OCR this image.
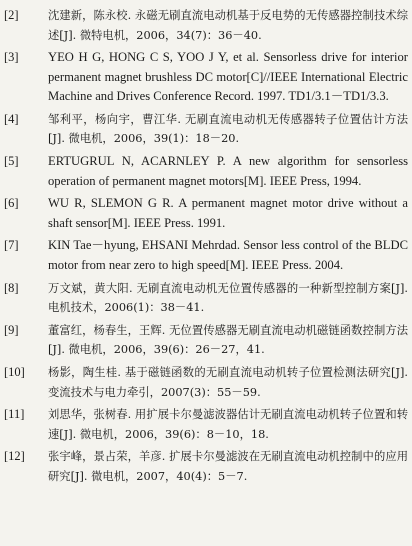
[2]	沈建新，陈永校. 永磁无刷直流电动机基于反电势的无传感器控制技术综述[J]. 微特电机，2006，34(7)：36－40.
[3]	YEO H G, HONG C S, YOO J Y, et al. Sensorless drive for interior permanent magnet brushless DC motor[C]//IEEE International Electric Machine and Drives Conference Record. 1997. TD1/3.1－TD1/3.3.
[4]	邹利平，杨向宇，曹江华. 无刷直流电动机无传感器转子位置估计方法[J]. 微电机，2006，39(1)：18－20.
[5]	ERTUGRUL N, ACARNLEY P. A new algorithm for sensorless operation of permanent magnet motors[M]. IEEE Press, 1994.
[6]	WU R, SLEMON G R. A permanent magnet motor drive without a shaft sensor[M]. IEEE Press. 1991.
[7]	KIN Tae－hyung, EHSANI Mehrdad. Sensor less control of the BLDC motor from near zero to high speed[M]. IEEE Press. 2004.
[8]	万文斌，黄大阳. 无刷直流电动机无位置传感器的一种新型控制方案[J]. 电机技术，2006(1)：38－41.
[9]	董富红，杨春生，王辉. 无位置传感器无刷直流电动机磁链函数控制方法[J]. 微电机，2006，39(6)：26－27，41.
[10]	杨影，陶生桂. 基于磁链函数的无刷直流电动机转子位置检测法研究[J]. 变流技术与电力牵引，2007(3)：55－59.
[11]	刘思华，张树春. 用扩展卡尔曼滤波器估计无刷直流电动机转子位置和转速[J]. 微电机，2006，39(6)：8－10，18.
[12]	张宇峰，景占荣，羊彦. 扩展卡尔曼滤波在无刷直流电动机控制中的应用研究[J]. 微电机，2007，40(4)：5－7.
